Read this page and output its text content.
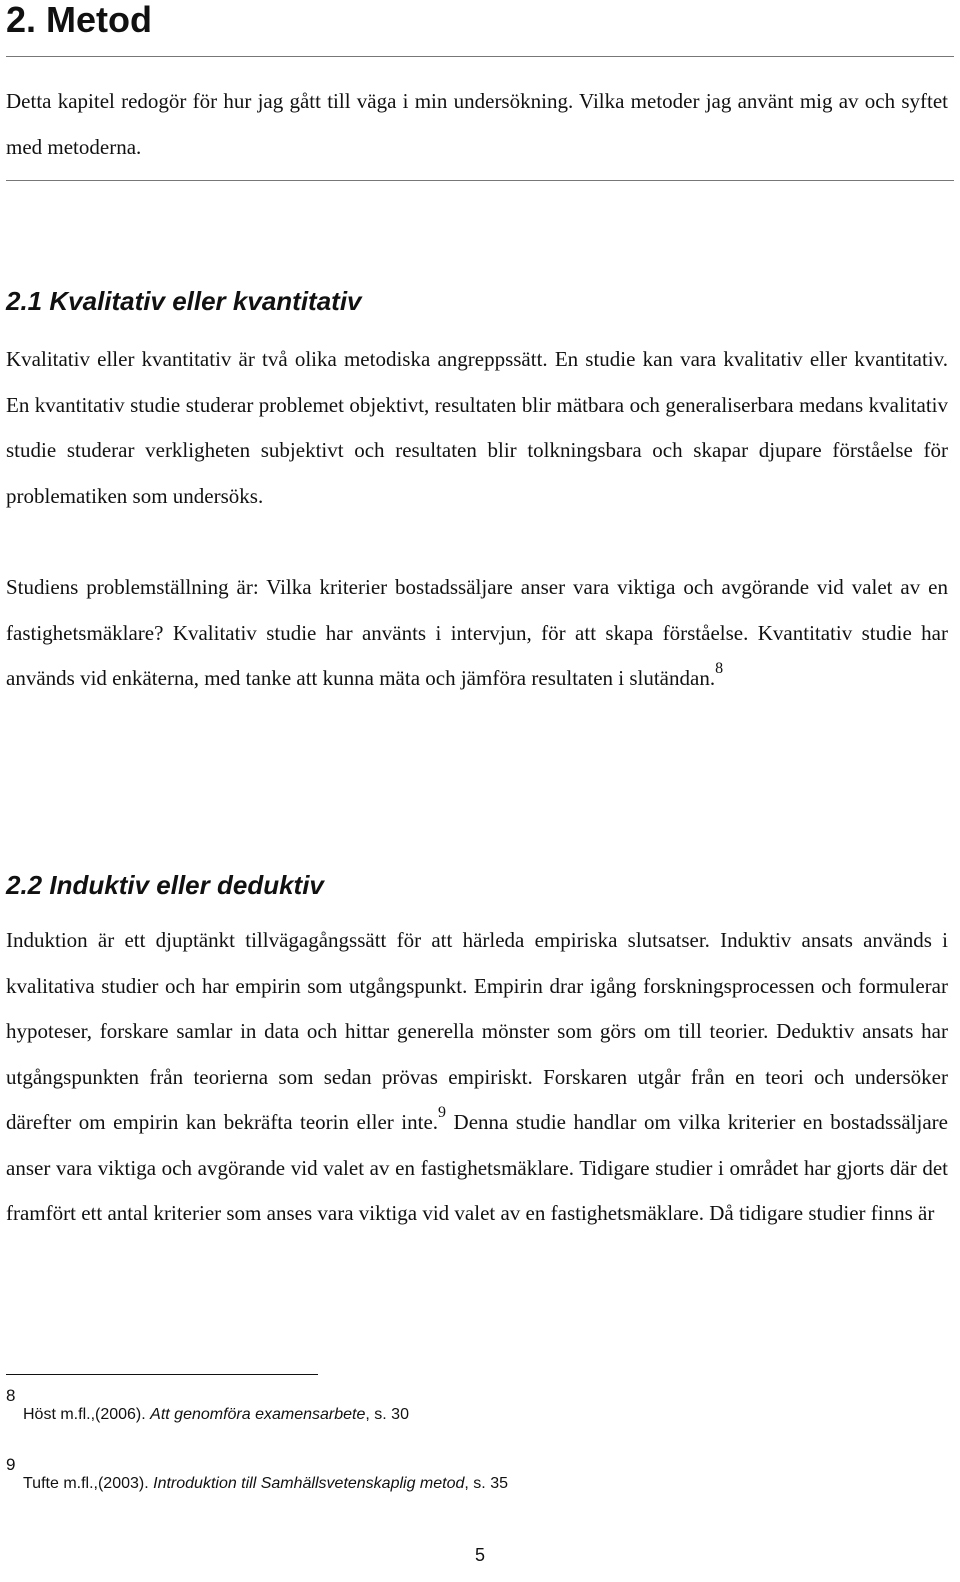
2. Metod

Detta kapitel redogör för hur jag gått till väga i min undersökning. Vilka metoder jag använt mig av och syftet med metoderna.

2.1 Kvalitativ eller kvantitativ

Kvalitativ eller kvantitativ är två olika metodiska angreppssätt. En studie kan vara kvalitativ eller kvantitativ. En kvantitativ studie studerar problemet objektivt, resultaten blir mätbara och generaliserbara medans kvalitativ studie studerar verkligheten subjektivt och resultaten blir tolkningsbara och skapar djupare förståelse för problematiken som undersöks.

Studiens problemställning är: Vilka kriterier bostadssäljare anser vara viktiga och avgörande vid valet av en fastighetsmäklare? Kvalitativ studie har använts i intervjun, för att skapa förståelse. Kvantitativ studie har används vid enkäterna, med tanke att kunna mäta och jämföra resultaten i slutändan.$^8$

2.2 Induktiv eller deduktiv

Induktion är ett djuptänkt tillvägagångssätt för att härleda empiriska slutsatser. Induktiv ansats används i kvalitativa studier och har empirin som utgångspunkt. Empirin drar igång forskningsprocessen och formulerar hypoteser, forskare samlar in data och hittar generella mönster som görs om till teorier. Deduktiv ansats har utgångspunkten från teorierna som sedan prövas empiriskt. Forskaren utgår från en teori och undersöker därefter om empirin kan bekräfta teorin eller inte.$^9$ Denna studie handlar om vilka kriterier en bostadssäljare anser vara viktiga och avgörande vid valet av en fastighetsmäklare. Tidigare studier i området har gjorts där det framfört ett antal kriterier som anses vara viktiga vid valet av en fastighetsmäklare. Då tidigare studier finns är

8
Höst m.fl.,(2006). Att genomföra examensarbete, s. 30
9
Tufte m.fl.,(2003). Introduktion till Samhällsvetenskaplig metod, s. 35
5
